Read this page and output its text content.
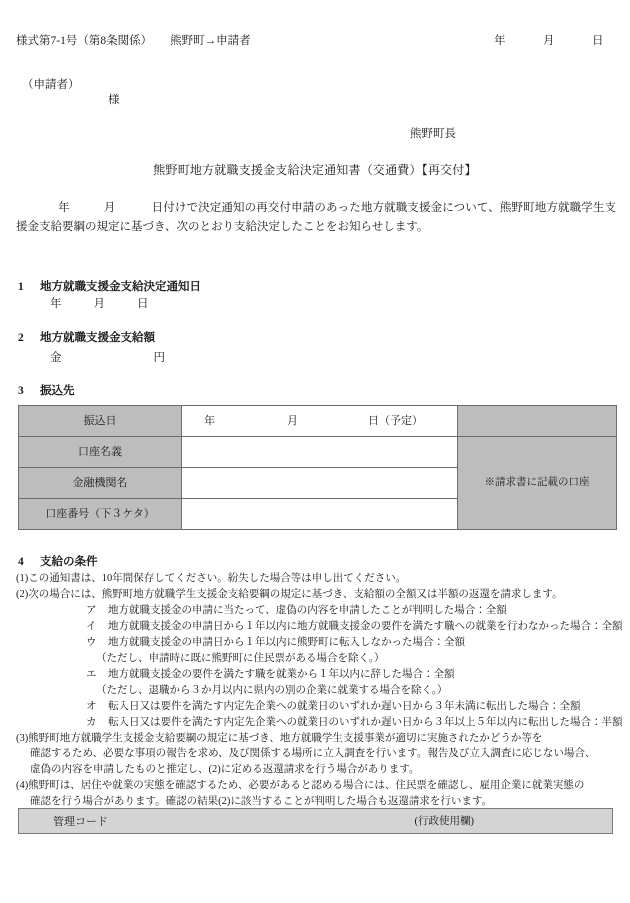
様式第7-1号（第8条関係） 熊野町→申請者	年	月	日
（申請者）
様
熊野町長
熊野町地方就職支援金支給決定通知書（交通費）【再交付】
年	月	日付けで決定通知の再交付申請のあった地方就職支援金について、熊野町地方就職学生支援金支給要綱の規定に基づき、次のとおり支給決定したことをお知らせします。
1 地方就職支援金支給決定通知日
年	月	日
2 地方就職支援金支給額
金	円
3 振込先
振込日	年 月 日（予定）	

口座名義		※請求書に記載の口座
金融機関名		
口座番号（下３ケタ）		
4 支給の条件

(1)この通知書は、10年間保存してください。紛失した場合等は申し出てください。

(2)次の場合には、熊野町地方就職学生支援金支給要綱の規定に基づき、支給額の全額又は半額の返還を請求します。

ア 地方就職支援金の申請に当たって、虚偽の内容を申請したことが判明した場合：全額

イ 地方就職支援金の申請日から１年以内に地方就職支援金の要件を満たす職への就業を行わなかった場合：全額

ウ 地方就職支援金の申請日から１年以内に熊野町に転入しなかった場合：全額

（ただし、申請時に既に熊野町に住民票がある場合を除く。）

エ 地方就職支援金の要件を満たす職を就業から１年以内に辞した場合：全額

（ただし、退職から３か月以内に県内の別の企業に就業する場合を除く。）

オ 転入日又は要件を満たす内定先企業への就業日のいずれか遅い日から３年未満に転出した場合：全額

カ 転入日又は要件を満たす内定先企業への就業日のいずれか遅い日から３年以上５年以内に転出した場合：半額

(3)熊野町地方就職学生支援金支給要綱の規定に基づき、地方就職学生支援事業が適切に実施されたかどうか等を

確認するため、必要な事項の報告を求め、及び関係する場所に立入調査を行います。報告及び立入調査に応じない場合、

虚偽の内容を申請したものと推定し、(2)に定める返還請求を行う場合があります。

(4)熊野町は、居住や就業の実態を確認するため、必要があると認める場合には、住民票を確認し、雇用企業に就業実態の

確認を行う場合があります。確認の結果(2)に該当することが判明した場合も返還請求を行います。

管理コード	(行政使用欄)
